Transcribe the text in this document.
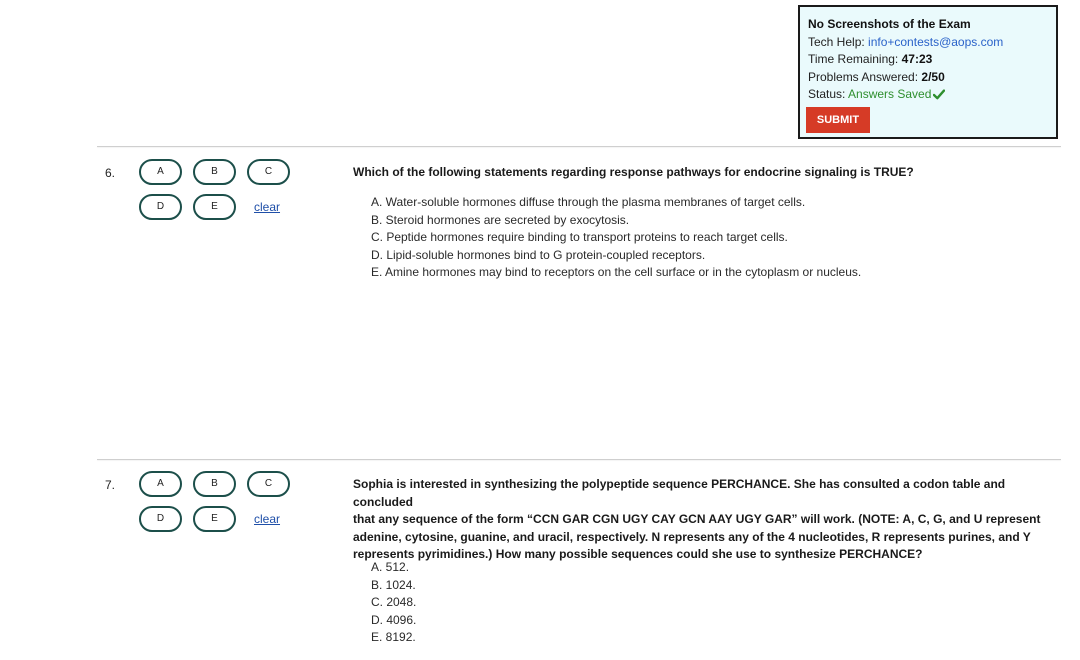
No Screenshots of the Exam
Tech Help: info+contests@aops.com
Time Remaining: 47:23
Problems Answered: 2/50
Status: Answers Saved
SUBMIT
6.	A	B	C
D	E	clear
Which of the following statements regarding response pathways for endocrine signaling is TRUE?
A. Water-soluble hormones diffuse through the plasma membranes of target cells.
B. Steroid hormones are secreted by exocytosis.
C. Peptide hormones require binding to transport proteins to reach target cells.
D. Lipid-soluble hormones bind to G protein-coupled receptors.
E. Amine hormones may bind to receptors on the cell surface or in the cytoplasm or nucleus.
7.	A	B	C
D	E	clear
Sophia is interested in synthesizing the polypeptide sequence PERCHANCE. She has consulted a codon table and concluded
that any sequence of the form “CCN GAR CGN UGY CAY GCN AAY UGY GAR” will work. (NOTE: A, C, G, and U represent
adenine, cytosine, guanine, and uracil, respectively. N represents any of the 4 nucleotides, R represents purines, and Y
represents pyrimidines.) How many possible sequences could she use to synthesize PERCHANCE?
A. 512.
B. 1024.
C. 2048.
D. 4096.
E. 8192.
